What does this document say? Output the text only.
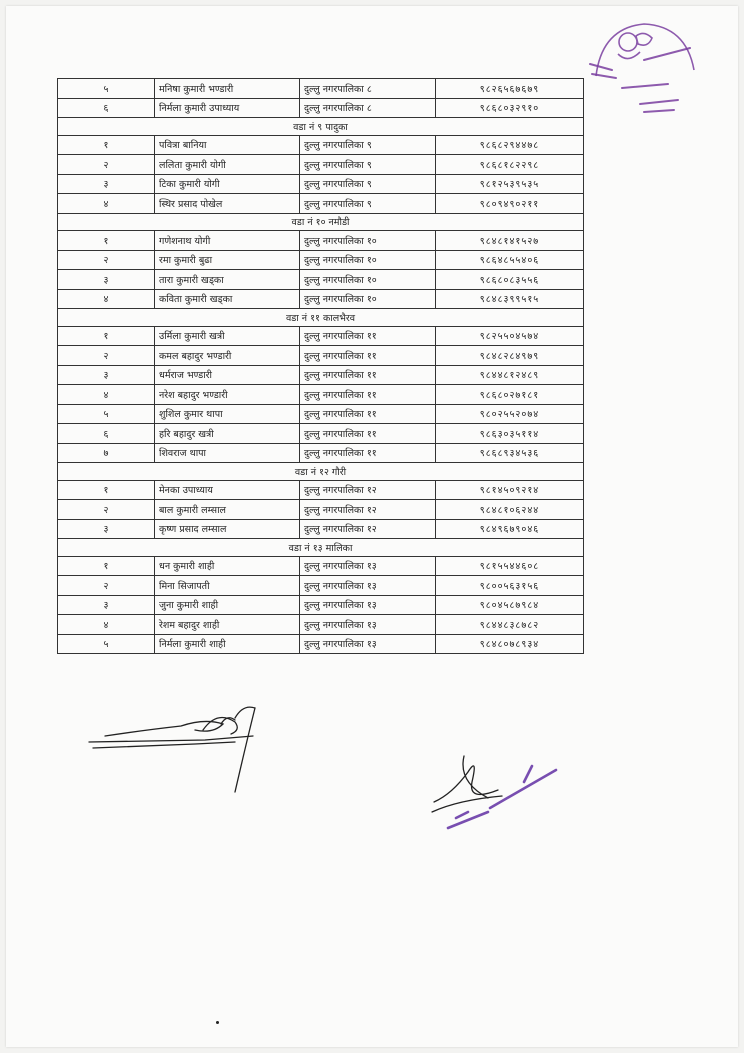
५	मनिषा कुमारी भण्डारी	दुल्लु नगरपालिका ८	९८२६५६७६७९
६	निर्मला कुमारी उपाध्याय	दुल्लु नगरपालिका ८	९८६८०३२९१०
वडा नं ९ पादुका			
१	पवित्रा बानिया	दुल्लु नगरपालिका ९	९८६८२९४४७८
२	ललिता कुमारी योगी	दुल्लु नगरपालिका ९	९८६८१८२२९८
३	टिका कुमारी योगी	दुल्लु नगरपालिका ९	९८१२५३९५३५
४	स्थिर प्रसाद पोखेल	दुल्लु नगरपालिका ९	९८०९४९०२११
वडा नं १० नमौडी			
१	गणेशनाथ योगी	दुल्लु नगरपालिका १०	९८४८१४१५२७
२	रमा कुमारी बुढा	दुल्लु नगरपालिका १०	९८६४८५५४०६
३	तारा कुमारी खड्का	दुल्लु नगरपालिका १०	९८६८०८३५५६
४	कविता कुमारी खड्का	दुल्लु नगरपालिका १०	९८४८३९९५१५
वडा नं ११ कालभैरव			
१	उर्मिला कुमारी खत्री	दुल्लु नगरपालिका ११	९८२५५०४५७४
२	कमल बहादुर भण्डारी	दुल्लु नगरपालिका ११	९८४८२८४९७९
३	धर्मराज भण्डारी	दुल्लु नगरपालिका ११	९८४४८१२४८९
४	नरेश बहादुर भण्डारी	दुल्लु नगरपालिका ११	९८६८०२७१८१
५	शुशिल कुमार थापा	दुल्लु नगरपालिका ११	९८०२५५२०७४
६	हरि बहादुर खत्री	दुल्लु नगरपालिका ११	९८६३०३५११४
७	शिवराज थापा	दुल्लु नगरपालिका ११	९८६८९३४५३६
वडा नं १२ गौरी			
१	मेनका उपाध्याय	दुल्लु नगरपालिका १२	९८१४५०९२१४
२	बाल कुमारी लम्साल	दुल्लु नगरपालिका १२	९८४८१०६२४४
३	कृष्ण प्रसाद लम्साल	दुल्लु नगरपालिका १२	९८४९६७९०४६
वडा नं १३ मालिका			
१	धन कुमारी शाही	दुल्लु नगरपालिका १३	९८१५५४४६०८
२	मिना सिजापती	दुल्लु नगरपालिका १३	९८००५६३१५६
३	जुना कुमारी शाही	दुल्लु नगरपालिका १३	९८०४५८७९८४
४	रेशम बहादुर शाही	दुल्लु नगरपालिका १३	९८४४८३८७८२
५	निर्मला कुमारी शाही	दुल्लु नगरपालिका १३	९८४८०७८९३४
